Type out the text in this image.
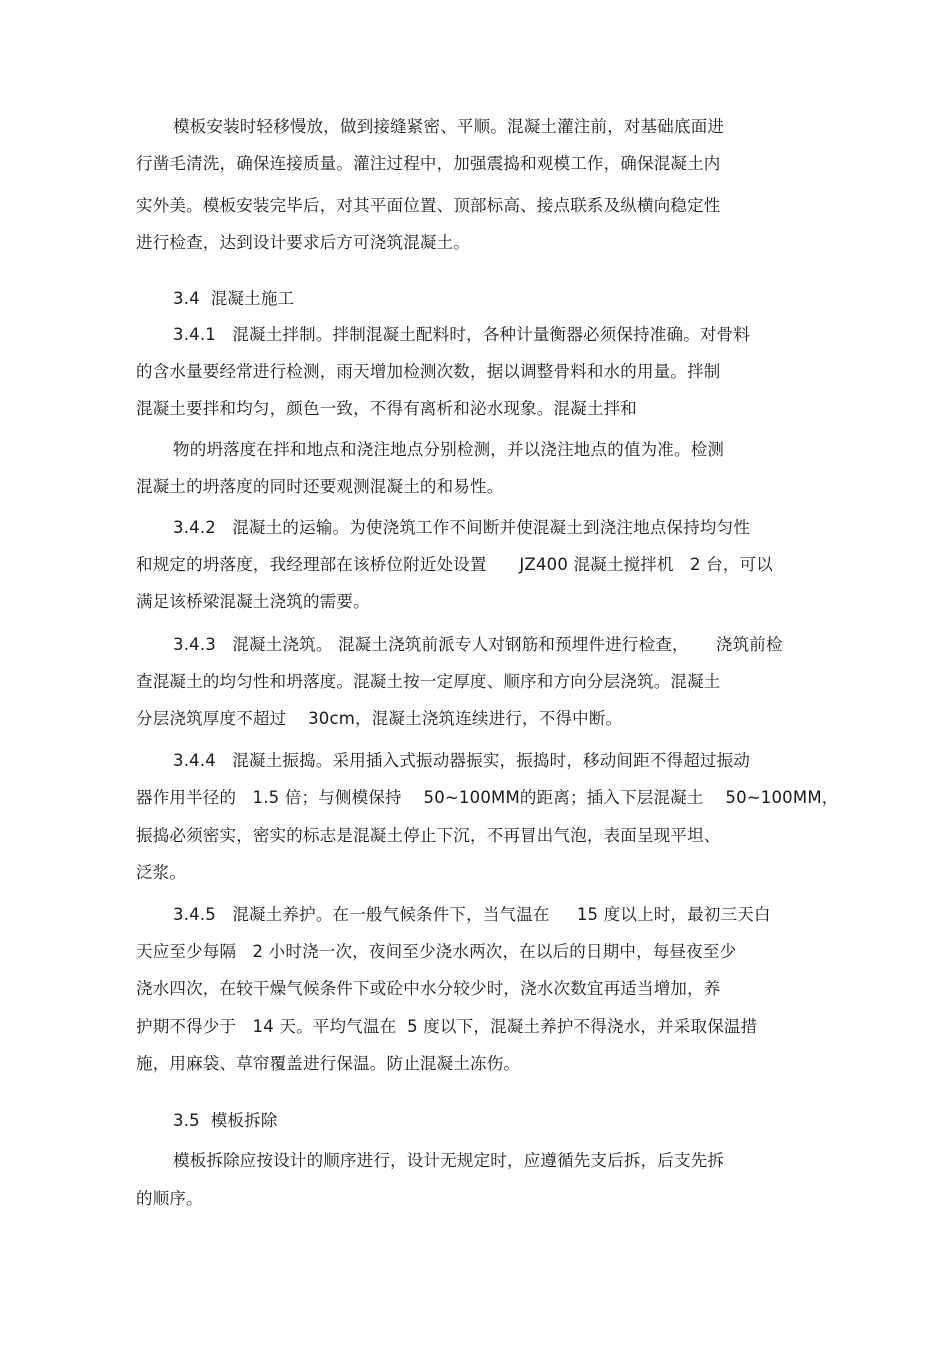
模板安装时轻移慢放，做到接缝紧密、平顺。混凝土灌注前，对基础底面进
行凿毛清洗，确保连接质量。灌注过程中，加强震捣和观模工作，确保混凝土内
实外美。模板安装完毕后，对其平面位置、顶部标高、接点联系及纵横向稳定性
进行检查，达到设计要求后方可浇筑混凝土。
3.4  混凝土施工
3.4.1   混凝土拌制。拌制混凝土配料时，各种计量衡器必须保持准确。对骨料
的含水量要经常进行检测，雨天增加检测次数，据以调整骨料和水的用量。拌制
混凝土要拌和均匀，颜色一致，不得有离析和泌水现象。混凝土拌和
物的坍落度在拌和地点和浇注地点分别检测，并以浇注地点的值为准。检测
混凝土的坍落度的同时还要观测混凝土的和易性。
3.4.2   混凝土的运输。为使浇筑工作不间断并使混凝土到浇注地点保持均匀性
和规定的坍落度，我经理部在该桥位附近处设置      JZ400 混凝土搅拌机   2 台，可以
满足该桥梁混凝土浇筑的需要。
3.4.3   混凝土浇筑。 混凝土浇筑前派专人对钢筋和预埋件进行检查，     浇筑前检
查混凝土的均匀性和坍落度。混凝土按一定厚度、顺序和方向分层浇筑。混凝土
分层浇筑厚度不超过    30cm，混凝土浇筑连续进行，不得中断。
3.4.4   混凝土振捣。采用插入式振动器振实，振捣时，移动间距不得超过振动
器作用半径的   1.5 倍；与侧模保持    50~100MM的距离；插入下层混凝土    50~100MM，
振捣必须密实，密实的标志是混凝土停止下沉，不再冒出气泡，表面呈现平坦、
泛浆。
3.4.5   混凝土养护。在一般气候条件下，当气温在     15 度以上时，最初三天白
天应至少每隔   2 小时浇一次，夜间至少浇水两次，在以后的日期中，每昼夜至少
浇水四次，在较干燥气候条件下或砼中水分较少时，浇水次数宜再适当增加，养
护期不得少于   14 天。平均气温在  5 度以下，混凝土养护不得浇水，并采取保温措
施，用麻袋、草帘覆盖进行保温。防止混凝土冻伤。
3.5  模板拆除
模板拆除应按设计的顺序进行，设计无规定时，应遵循先支后拆，后支先拆
的顺序。
